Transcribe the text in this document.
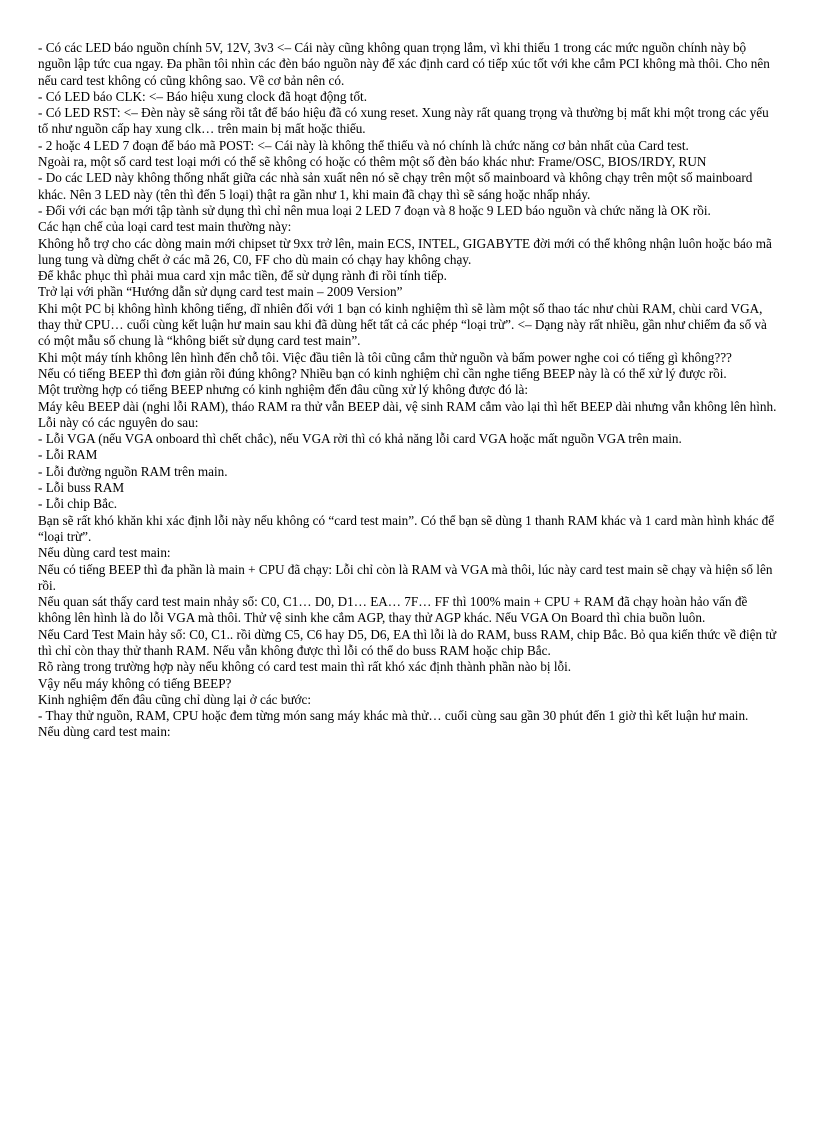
- Có các LED báo nguồn chính 5V, 12V, 3v3 <– Cái này cũng không quan trọng lắm, vì khi thiếu 1 trong các mức nguồn chính này bộ nguồn lập tức cua ngay. Đa phần tôi nhìn các đèn báo nguồn này để xác định card có tiếp xúc tốt với khe cắm PCI không mà thôi. Cho nên nếu card test không có cũng không sao. Về cơ bản nên có.

- Có LED báo CLK: <– Báo hiệu xung clock đã hoạt động tốt.

- Có LED RST: <– Đèn này sẽ sáng rồi tắt để báo hiệu đã có xung reset. Xung này rất quang trọng và thường bị mất khi một trong các yếu tố như nguồn cấp hay xung clk… trên main bị mất hoặc thiếu.

- 2 hoặc 4 LED 7 đoạn để báo mã POST: <– Cái này là không thể thiếu và nó chính là chức năng cơ bản nhất của Card test.

Ngoài ra, một số card test loại mới có thể sẽ không có hoặc có thêm một số đèn báo khác như: Frame/OSC, BIOS/IRDY, RUN

- Do các LED này không thống nhất giữa các nhà sản xuất nên nó sẽ chạy trên một số mainboard và không chạy trên một số mainboard khác. Nên 3 LED này (tên thì đến 5 loại) thật ra gần như 1, khi main đã chạy thì sẽ sáng hoặc nhấp nháy.

- Đối với các bạn mới tập tành sử dụng thì chỉ nên mua loại 2 LED 7 đoạn và 8 hoặc 9 LED báo nguồn và chức năng là OK rồi.

Các hạn chế của loại card test main thường này:

Không hỗ trợ cho các dòng main mới chipset từ 9xx trở lên, main ECS, INTEL, GIGABYTE đời mới có thể không nhận luôn hoặc báo mã lung tung và dừng chết ở các mã 26, C0, FF cho dù main có chạy hay không chạy.

Để khắc phục thì phải mua card xịn mắc tiền, để sử dụng rành đi rồi tính tiếp.

Trở lại với phần “Hướng dẫn sử dụng card test main – 2009 Version”

Khi một PC bị không hình không tiếng, dĩ nhiên đối với 1 bạn có kinh nghiệm thì sẽ làm một số thao tác như chùi RAM, chùi card VGA, thay thử CPU… cuối cùng kết luận hư main sau khi đã dùng hết tất cả các phép “loại trừ”. <– Dạng này rất nhiều, gần như chiếm đa số và có một mẫu số chung là “không biết sử dụng card test main”.

Khi một máy tính không lên hình đến chỗ tôi. Việc đầu tiên là tôi cũng cắm thử nguồn và bấm power nghe coi có tiếng gì không???

Nếu có tiếng BEEP thì đơn giản rồi đúng không? Nhiều bạn có kinh nghiệm chỉ cần nghe tiếng BEEP này là có thể xử lý được rồi.

Một trường hợp có tiếng BEEP nhưng có kinh nghiệm đến đâu cũng xử lý không được đó là:

Máy kêu BEEP dài (nghi lỗi RAM), tháo RAM ra thử vẫn BEEP dài, vệ sinh RAM cắm vào lại thì hết BEEP dài nhưng vẫn không lên hình.

Lỗi này có các nguyên do sau:

- Lỗi VGA (nếu VGA onboard thì chết chắc), nếu VGA rời thì có khả năng lỗi card VGA hoặc mất nguồn VGA trên main.

- Lỗi RAM

- Lỗi đường nguồn RAM trên main.

- Lỗi buss RAM

- Lỗi chip Bắc.

Bạn sẽ rất khó khăn khi xác định lỗi này nếu không có “card test main”. Có thể bạn sẽ dùng 1 thanh RAM khác và 1 card màn hình khác để “loại trừ”.

Nếu dùng card test main:

Nếu có tiếng BEEP thì đa phần là main + CPU đã chạy: Lỗi chỉ còn là RAM và VGA mà thôi, lúc này card test main sẽ chạy và hiện số lên rồi.

Nếu quan sát thấy card test main nhảy số: C0, C1… D0, D1… EA… 7F… FF thì 100% main + CPU + RAM đã chạy hoàn hảo vấn đề không lên hình là do lỗi VGA mà thôi. Thử vệ sinh khe cắm AGP, thay thử AGP khác. Nếu VGA On Board thì chia buồn luôn.

Nếu Card Test Main hảy số: C0, C1.. rồi dừng C5, C6 hay D5, D6, EA thì lỗi là do RAM, buss RAM, chip Bắc. Bỏ qua kiến thức về điện tử thì chỉ còn thay thử thanh RAM. Nếu vẫn không được thì lỗi có thể do buss RAM hoặc chip Bắc.

Rõ ràng trong trường hợp này nếu không có card test main thì rất khó xác định thành phần nào bị lỗi.

Vậy nếu máy không có tiếng BEEP?

Kinh nghiệm đến đâu cũng chỉ dùng lại ở các bước:

- Thay thử nguồn, RAM, CPU hoặc đem từng món sang máy khác mà thử… cuối cùng sau gần 30 phút đến 1 giờ thì kết luận hư main.

Nếu dùng card test main:
